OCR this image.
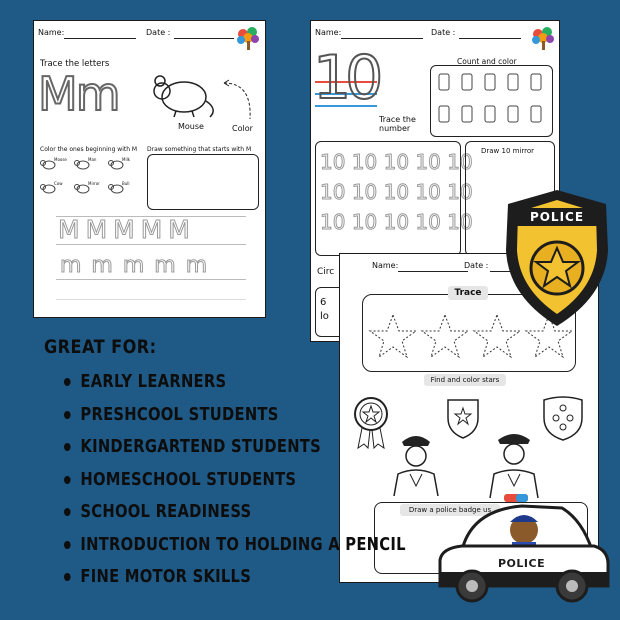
Name:	Date :
Trace the letters
Mm
Mouse	Color
Color the ones beginning with M Draw something that starts with M
Moose	Man	Milk
Cow	Mirror	Bull
MMMMM
mmmmm
Name:	Date :
10
Trace the number
Count and color
10 10 10 10 10
10 10 10 10 10
10 10 10 10 10
Draw 10 mirror
Circ
6 lo
Name:	Date :
Trace
Find and color stars
Draw a police badge us
POLICE
POLICE
GREAT FOR:
EARLY LEARNERS
PRESHCOOL STUDENTS
KINDERGARTEND STUDENTS
HOMESCHOOL STUDENTS
SCHOOL READINESS
INTRODUCTION TO HOLDING A PENCIL
FINE MOTOR SKILLS
